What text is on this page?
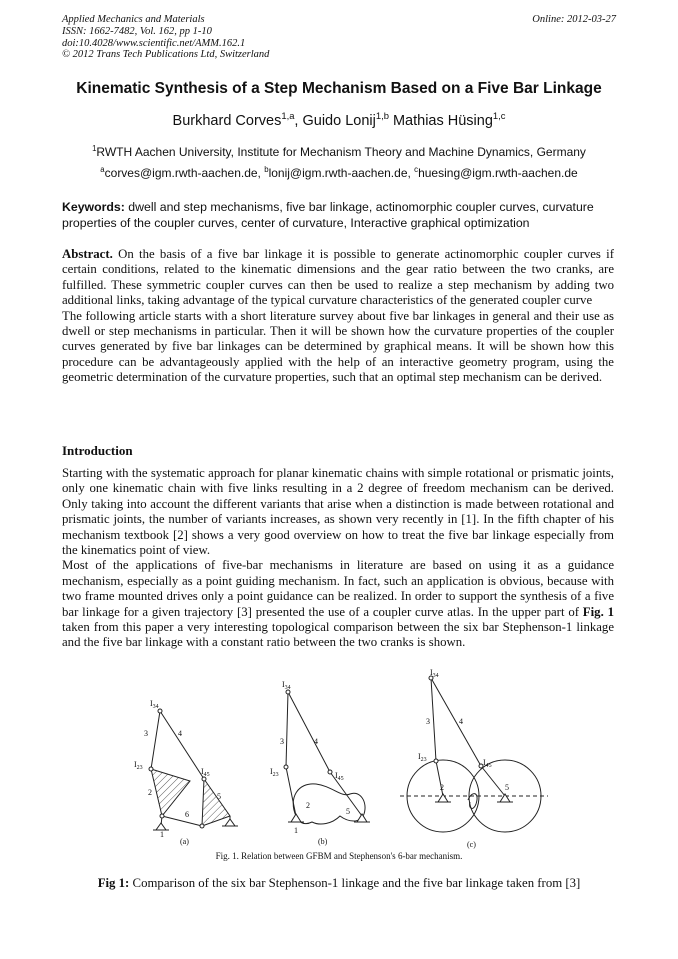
Applied Mechanics and Materials
ISSN: 1662-7482, Vol. 162, pp 1-10
doi:10.4028/www.scientific.net/AMM.162.1
© 2012 Trans Tech Publications Ltd, Switzerland
Online: 2012-03-27
Kinematic Synthesis of a Step Mechanism Based on a Five Bar Linkage
Burkhard Corves$^{1,a}$, Guido Lonij$^{1,b}$ Mathias Hüsing$^{1,c}$
$^1$RWTH Aachen University, Institute for Mechanism Theory and Machine Dynamics, Germany
$^a$corves@igm.rwth-aachen.de, $^b$lonij@igm.rwth-aachen.de, $^c$huesing@igm.rwth-aachen.de
Keywords: dwell and step mechanisms, five bar linkage, actinomorphic coupler curves, curvature properties of the coupler curves, center of curvature, Interactive graphical optimization
Abstract. On the basis of a five bar linkage it is possible to generate actinomorphic coupler curves if certain conditions, related to the kinematic dimensions and the gear ratio between the two cranks, are fulfilled. These symmetric coupler curves can then be used to realize a step mechanism by adding two additional links, taking advantage of the typical curvature characteristics of the generated coupler curve
The following article starts with a short literature survey about five bar linkages in general and their use as dwell or step mechanisms in particular. Then it will be shown how the curvature properties of the coupler curves generated by five bar linkages can be determined by graphical means. It will be shown how this procedure can be advantageously applied with the help of an interactive geometry program, using the geometric determination of the curvature properties, such that an optimal step mechanism can be derived.
Introduction
Starting with the systematic approach for planar kinematic chains with simple rotational or prismatic joints, only one kinematic chain with five links resulting in a 2 degree of freedom mechanism can be derived. Only taking into account the different variants that arise when a distinction is made between rotational and prismatic joints, the number of variants increases, as shown very recently in [1]. In the fifth chapter of his mechanism textbook [2] shows a very good overview on how to treat the five bar linkage especially from the kinematics point of view.
Most of the applications of five-bar mechanisms in literature are based on using it as a guidance mechanism, especially as a point guiding mechanism. In fact, such an application is obvious, because with two frame mounted drives only a point guidance can be realized. In order to support the synthesis of a five bar linkage for a given trajectory [3] presented the use of a coupler curve atlas. In the upper part of Fig. 1 taken from this paper a very interesting topological comparison between the six bar Stephenson-1 linkage and the five bar linkage with a constant ratio between the two cranks is shown.
$I_{34}$
$I_{23}$	$I_{45}$
3	4
2	5
6
1
(a)
$I_{34}$
$I_{23}$	$I_{45}$
3	4
2
5
1
(b)
$I_{34}$
$I_{23}$	$I_{45}$
3	4
2	5
(c)
Fig. 1. Relation between GFBM and Stephenson's 6-bar mechanism.
Fig 1: Comparison of the six bar Stephenson-1 linkage and the five bar linkage taken from [3]
